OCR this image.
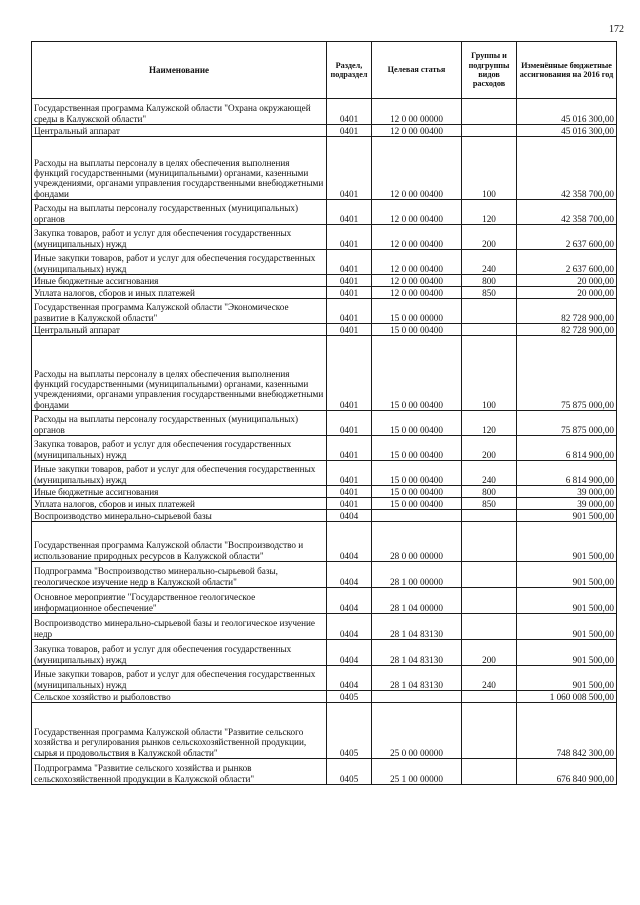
172
Наименование	Раздел, подраздел	Целевая статья	Группы и подгруппы видов расходов	Изменённые бюджетные ассигнования на 2016 год
Государственная программа Калужской области "Охрана окружающей среды в Калужской области"	0401	12 0 00 00000		45 016 300,00
Центральный аппарат	0401	12 0 00 00400		45 016 300,00
Расходы на выплаты персоналу в целях обеспечения выполнения функций государственными (муниципальными) органами, казенными учреждениями, органами управления государственными внебюджетными фондами	0401	12 0 00 00400	100	42 358 700,00
Расходы на выплаты персоналу государственных (муниципальных) органов	0401	12 0 00 00400	120	42 358 700,00
Закупка товаров, работ и услуг для обеспечения государственных (муниципальных) нужд	0401	12 0 00 00400	200	2 637 600,00
Иные закупки товаров, работ и услуг для обеспечения государственных (муниципальных) нужд	0401	12 0 00 00400	240	2 637 600,00
Иные бюджетные ассигнования	0401	12 0 00 00400	800	20 000,00
Уплата налогов, сборов и иных платежей	0401	12 0 00 00400	850	20 000,00
Государственная программа Калужской области "Экономическое развитие в Калужской области"	0401	15 0 00 00000		82 728 900,00
Центральный аппарат	0401	15 0 00 00400		82 728 900,00
Расходы на выплаты персоналу в целях обеспечения выполнения функций государственными (муниципальными) органами, казенными учреждениями, органами управления государственными внебюджетными фондами	0401	15 0 00 00400	100	75 875 000,00
Расходы на выплаты персоналу государственных (муниципальных) органов	0401	15 0 00 00400	120	75 875 000,00
Закупка товаров, работ и услуг для обеспечения государственных (муниципальных) нужд	0401	15 0 00 00400	200	6 814 900,00
Иные закупки товаров, работ и услуг для обеспечения государственных (муниципальных) нужд	0401	15 0 00 00400	240	6 814 900,00
Иные бюджетные ассигнования	0401	15 0 00 00400	800	39 000,00
Уплата налогов, сборов и иных платежей	0401	15 0 00 00400	850	39 000,00
Воспроизводство минерально-сырьевой базы	0404			901 500,00
Государственная программа Калужской области "Воспроизводство и использование природных ресурсов в Калужской области"	0404	28 0 00 00000		901 500,00
Подпрограмма "Воспроизводство минерально-сырьевой базы, геологическое изучение недр в Калужской области"	0404	28 1 00 00000		901 500,00
Основное мероприятие "Государственное геологическое информационное обеспечение"	0404	28 1 04 00000		901 500,00
Воспроизводство минерально-сырьевой базы и геологическое изучение недр	0404	28 1 04 83130		901 500,00
Закупка товаров, работ и услуг для обеспечения государственных (муниципальных) нужд	0404	28 1 04 83130	200	901 500,00
Иные закупки товаров, работ и услуг для обеспечения государственных (муниципальных) нужд	0404	28 1 04 83130	240	901 500,00
Сельское хозяйство и рыболовство	0405			1 060 008 500,00
Государственная программа Калужской области "Развитие сельского хозяйства и регулирования рынков сельскохозяйственной продукции, сырья и продовольствия в Калужской области"	0405	25 0 00 00000		748 842 300,00
Подпрограмма "Развитие сельского хозяйства и рынков сельскохозяйственной продукции в Калужской области"	0405	25 1 00 00000		676 840 900,00
